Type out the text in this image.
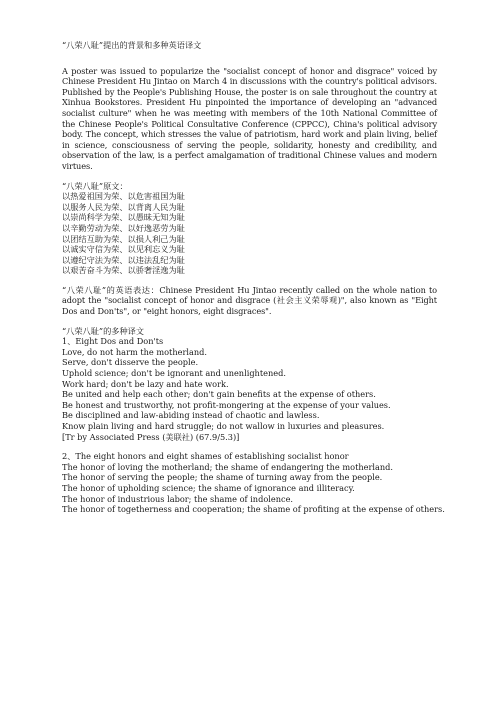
“八荣八耻”提出的背景和多种英语译文

A poster was issued to popularize the "socialist concept of honor and disgrace" voiced by Chinese President Hu Jintao on March 4 in discussions with the country's political advisors. Published by the People's Publishing House, the poster is on sale throughout the country at Xinhua Bookstores. President Hu pinpointed the importance of developing an "advanced socialist culture" when he was meeting with members of the 10th National Committee of the Chinese People's Political Consultative Conference (CPPCC), China's political advisory body. The concept, which stresses the value of patriotism, hard work and plain living, belief in science, consciousness of serving the people, solidarity, honesty and credibility, and observation of the law, is a perfect amalgamation of traditional Chinese values and modern virtues.

“八荣八耻”原文：
以热爱祖国为荣、以危害祖国为耻
以服务人民为荣、以背离人民为耻
以崇尚科学为荣、以愚昧无知为耻
以辛勤劳动为荣、以好逸恶劳为耻
以团结互助为荣、以损人利己为耻
以诚实守信为荣、以见利忘义为耻
以遵纪守法为荣、以违法乱纪为耻
以艰苦奋斗为荣、以骄奢淫逸为耻

“八荣八耻”的英语表达：Chinese President Hu Jintao recently called on the whole nation to adopt the "socialist concept of honor and disgrace (社会主义荣辱观)", also known as "Eight Dos and Don'ts", or "eight honors, eight disgraces".

“八荣八耻”的多种译文
1、Eight Dos and Don'ts
Love, do not harm the motherland.
Serve, don't disserve the people.
Uphold science; don't be ignorant and unenlightened.
Work hard; don't be lazy and hate work.
Be united and help each other; don't gain benefits at the expense of others.
Be honest and trustworthy, not profit-mongering at the expense of your values.
Be disciplined and law-abiding instead of chaotic and lawless.
Know plain living and hard struggle; do not wallow in luxuries and pleasures.
[Tr by Associated Press (美联社) (67.9/5.3)]
2、The eight honors and eight shames of establishing socialist honor
The honor of loving the motherland; the shame of endangering the motherland.
The honor of serving the people; the shame of turning away from the people.
The honor of upholding science; the shame of ignorance and illiteracy.
The honor of industrious labor; the shame of indolence.
The honor of togetherness and cooperation; the shame of profiting at the expense of others.
